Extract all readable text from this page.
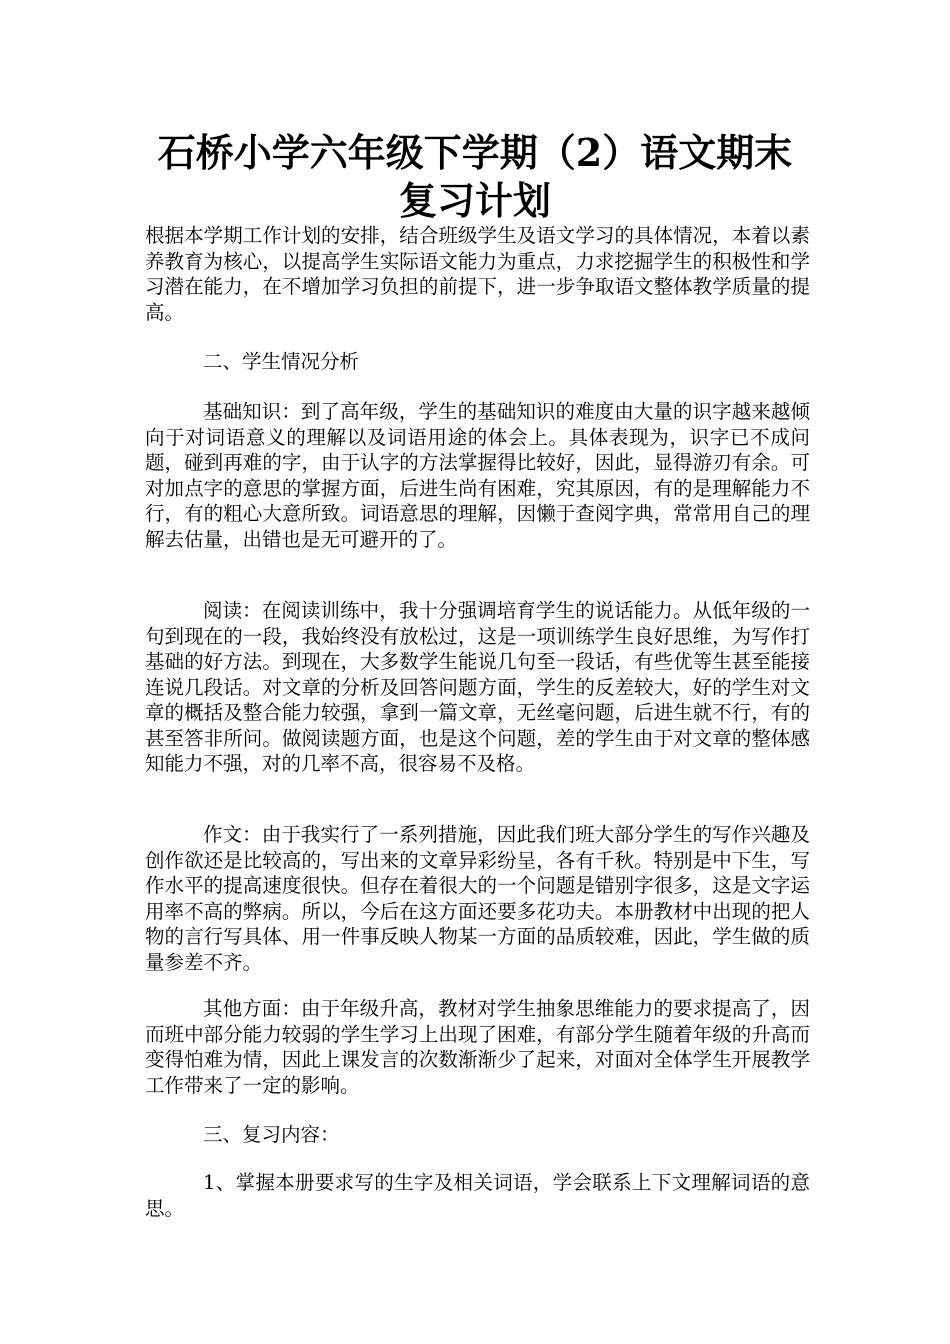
石桥小学六年级下学期（2）语文期末
复习计划

根据本学期工作计划的安排，结合班级学生及语文学习的具体情况，本着以素养教育为核心，以提高学生实际语文能力为重点，力求挖掘学生的积极性和学习潜在能力，在不增加学习负担的前提下，进一步争取语文整体教学质量的提高。

二、学生情况分析

基础知识：到了高年级，学生的基础知识的难度由大量的识字越来越倾向于对词语意义的理解以及词语用途的体会上。具体表现为，识字已不成问题，碰到再难的字，由于认字的方法掌握得比较好，因此，显得游刃有余。可对加点字的意思的掌握方面，后进生尚有困难，究其原因，有的是理解能力不行，有的粗心大意所致。词语意思的理解，因懒于查阅字典，常常用自己的理解去估量，出错也是无可避开的了。

阅读：在阅读训练中，我十分强调培育学生的说话能力。从低年级的一句到现在的一段，我始终没有放松过，这是一项训练学生良好思维，为写作打基础的好方法。到现在，大多数学生能说几句至一段话，有些优等生甚至能接连说几段话。对文章的分析及回答问题方面，学生的反差较大，好的学生对文章的概括及整合能力较强，拿到一篇文章，无丝毫问题，后进生就不行，有的甚至答非所问。做阅读题方面，也是这个问题，差的学生由于对文章的整体感知能力不强，对的几率不高，很容易不及格。

作文：由于我实行了一系列措施，因此我们班大部分学生的写作兴趣及创作欲还是比较高的，写出来的文章异彩纷呈，各有千秋。特别是中下生，写作水平的提高速度很快。但存在着很大的一个问题是错别字很多，这是文字运用率不高的弊病。所以，今后在这方面还要多花功夫。本册教材中出现的把人物的言行写具体、用一件事反映人物某一方面的品质较难，因此，学生做的质量参差不齐。

其他方面：由于年级升高，教材对学生抽象思维能力的要求提高了，因而班中部分能力较弱的学生学习上出现了困难，有部分学生随着年级的升高而变得怕难为情，因此上课发言的次数渐渐少了起来，对面对全体学生开展教学工作带来了一定的影响。

三、复习内容：

1、掌握本册要求写的生字及相关词语，学会联系上下文理解词语的意思。
